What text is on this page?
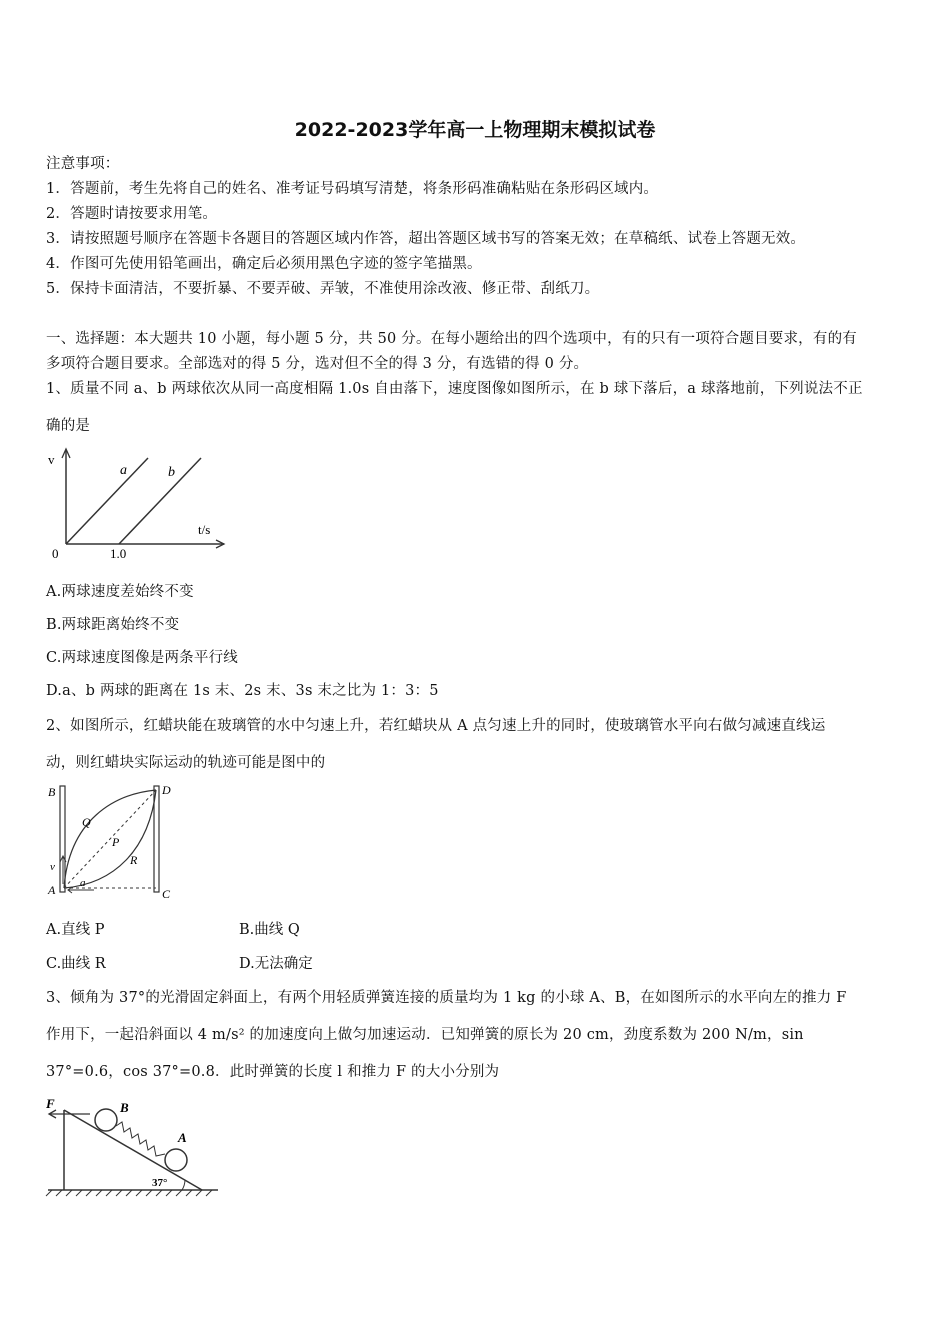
2022-2023学年高一上物理期末模拟试卷
注意事项：
1．答题前，考生先将自己的姓名、准考证号码填写清楚，将条形码准确粘贴在条形码区域内。
2．答题时请按要求用笔。
3．请按照题号顺序在答题卡各题目的答题区域内作答，超出答题区域书写的答案无效；在草稿纸、试卷上答题无效。
4．作图可先使用铅笔画出，确定后必须用黑色字迹的签字笔描黑。
5．保持卡面清洁，不要折暴、不要弄破、弄皱，不准使用涂改液、修正带、刮纸刀。
一、选择题：本大题共 10 小题，每小题 5 分，共 50 分。在每小题给出的四个选项中，有的只有一项符合题目要求，有的有
多项符合题目要求。全部选对的得 5 分，选对但不全的得 3 分，有选错的得 0 分。
1、质量不同 a、b 两球依次从同一高度相隔 1.0s 自由落下，速度图像如图所示，在 b 球下落后，a 球落地前，下列说法不正
确的是
v
a	b
t/s
0	1.0
A.两球速度差始终不变
B.两球距离始终不变
C.两球速度图像是两条平行线
D.a、b 两球的距离在 1s 末、2s 末、3s 末之比为 1：3：5
2、如图所示，红蜡块能在玻璃管的水中匀速上升，若红蜡块从 A 点匀速上升的同时，使玻璃管水平向右做匀减速直线运
动，则红蜡块实际运动的轨迹可能是图中的
B	D
A	C
Q
P
R
v
a
A.直线 P	B.曲线 Q
C.曲线 R	D.无法确定
3、倾角为 37°的光滑固定斜面上，有两个用轻质弹簧连接的质量均为 1 kg 的小球 A、B，在如图所示的水平向左的推力 F
作用下，一起沿斜面以 4 m/s² 的加速度向上做匀加速运动．已知弹簧的原长为 20 cm，劲度系数为 200 N/m，sin
37°=0.6，cos 37°=0.8．此时弹簧的长度 l 和推力 F 的大小分别为
F	B
A
37°
